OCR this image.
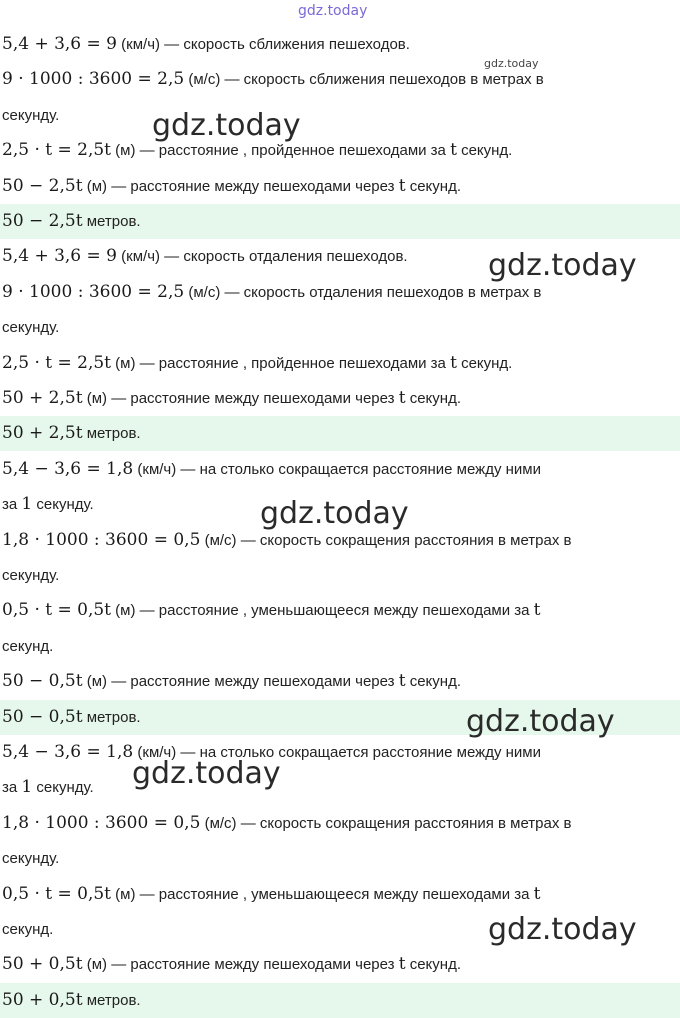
5,4 + 3,6 = 9 (км/ч) — скорость сближения пешеходов.
9 · 1000 : 3600 = 2,5 (м/с) — скорость сближения пешеходов в метрах в
секунду.
2,5 · t = 2,5t (м) — расстояние , пройденное пешеходами за t секунд.
50 − 2,5t (м) — расстояние между пешеходами через t секунд.
50 − 2,5t метров.
5,4 + 3,6 = 9 (км/ч) — скорость отдаления пешеходов.
9 · 1000 : 3600 = 2,5 (м/с) — скорость отдаления пешеходов в метрах в
секунду.
2,5 · t = 2,5t (м) — расстояние , пройденное пешеходами за t секунд.
50 + 2,5t (м) — расстояние между пешеходами через t секунд.
50 + 2,5t метров.
5,4 − 3,6 = 1,8 (км/ч) — на столько сокращается расстояние между ними
за 1 секунду.
1,8 · 1000 : 3600 = 0,5 (м/с) — скорость сокращения расстояния в метрах в
секунду.
0,5 · t = 0,5t (м) — расстояние , уменьшающееся между пешеходами за t
секунд.
50 − 0,5t (м) — расстояние между пешеходами через t секунд.
50 − 0,5t метров.
5,4 − 3,6 = 1,8 (км/ч) — на столько сокращается расстояние между ними
за 1 секунду.
1,8 · 1000 : 3600 = 0,5 (м/с) — скорость сокращения расстояния в метрах в
секунду.
0,5 · t = 0,5t (м) — расстояние , уменьшающееся между пешеходами за t
секунд.
50 + 0,5t (м) — расстояние между пешеходами через t секунд.
50 + 0,5t метров.
gdz.today
gdz.today
gdz.today
gdz.today
gdz.today
gdz.today
gdz.today
gdz.today
